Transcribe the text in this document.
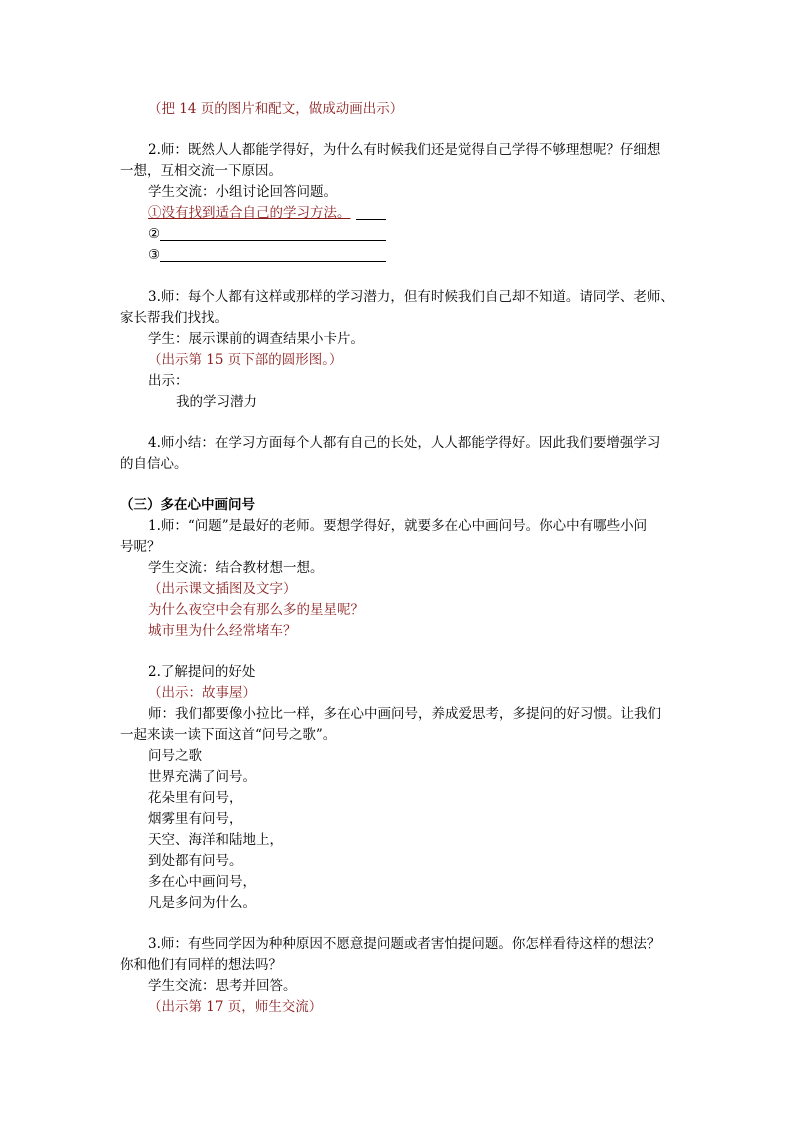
（把 14 页的图片和配文，做成动画出示）
2.师：既然人人都能学得好，为什么有时候我们还是觉得自己学得不够理想呢？仔细想
一想，互相交流一下原因。
学生交流：小组讨论回答问题。
①没有找到适合自己的学习方法。
②
③
3.师：每个人都有这样或那样的学习潜力，但有时候我们自己却不知道。请同学、老师、
家长帮我们找找。
学生：展示课前的调查结果小卡片。
（出示第 15 页下部的圆形图。）
出示：
我的学习潜力
4.师小结：在学习方面每个人都有自己的长处，人人都能学得好。因此我们要增强学习
的自信心。
（三）多在心中画问号
1.师：“问题”是最好的老师。要想学得好，就要多在心中画问号。你心中有哪些小问
号呢？
学生交流：结合教材想一想。
（出示课文插图及文字）
为什么夜空中会有那么多的星星呢？
城市里为什么经常堵车？
2.了解提问的好处
（出示：故事屋）
师：我们都要像小拉比一样，多在心中画问号，养成爱思考，多提问的好习惯。让我们
一起来读一读下面这首“问号之歌”。
问号之歌
世界充满了问号。
花朵里有问号，
烟雾里有问号，
天空、海洋和陆地上，
到处都有问号。
多在心中画问号，
凡是多问为什么。
3.师：有些同学因为种种原因不愿意提问题或者害怕提问题。你怎样看待这样的想法？
你和他们有同样的想法吗？
学生交流：思考并回答。
（出示第 17 页，师生交流）
